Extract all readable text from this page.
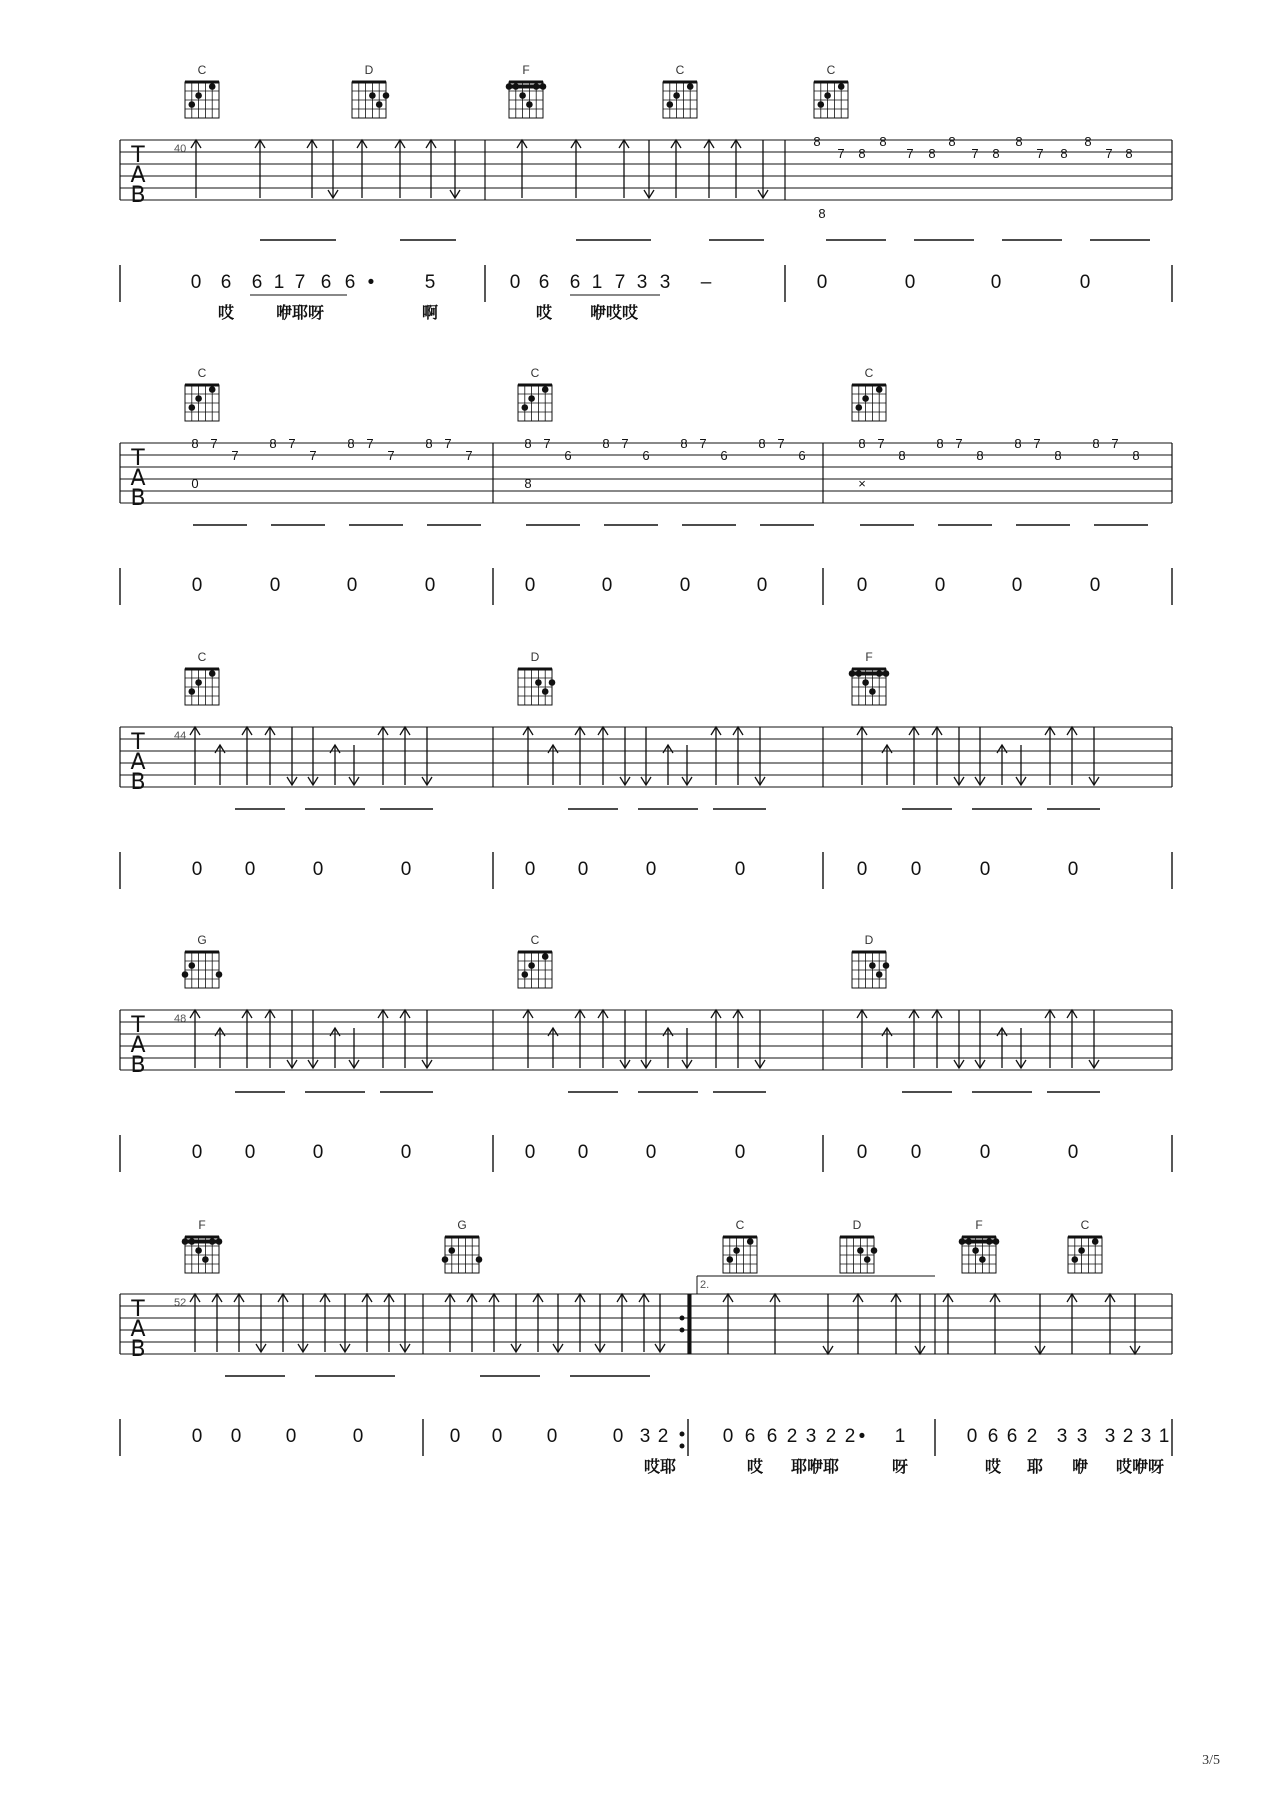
T
A
B
40
C	D	F	C	C
8
7 8
8
7 8
8
7 8
8
7 8
8
7 8
8
0 6 6 1 7 6 6 •	5	0 6 6 1 7 3 3 –	0	0	0	0
哎	咿耶呀	啊	哎 咿哎哎
T
A
B
C	C	C
8 7
7
0
8 7
7
8 7
7
8 7
7
8 7
6
8
8 7
6
8 7
6
8 7
6
8 7
8
×
8 7
8
8 7
8
8 7
8
0	0	0	0	0	0	0	0	0	0	0	0
T
A
B
44
C	D	F
0 0	0	0	0 0	0	0	0 0	0	0
T
A
B
48
G	C	D
0 0	0	0	0 0	0	0	0 0	0	0
T
A
B
52
F	G	C	D	F	C
2.
0 0 0	0	0 0 0	0 3 2	0 6 6 2 3 2 2 • 1	0 6 6 2 3 3 3 2 3 1
哎耶	哎 耶咿耶	呀	哎 耶 咿 哎咿呀
3/5
